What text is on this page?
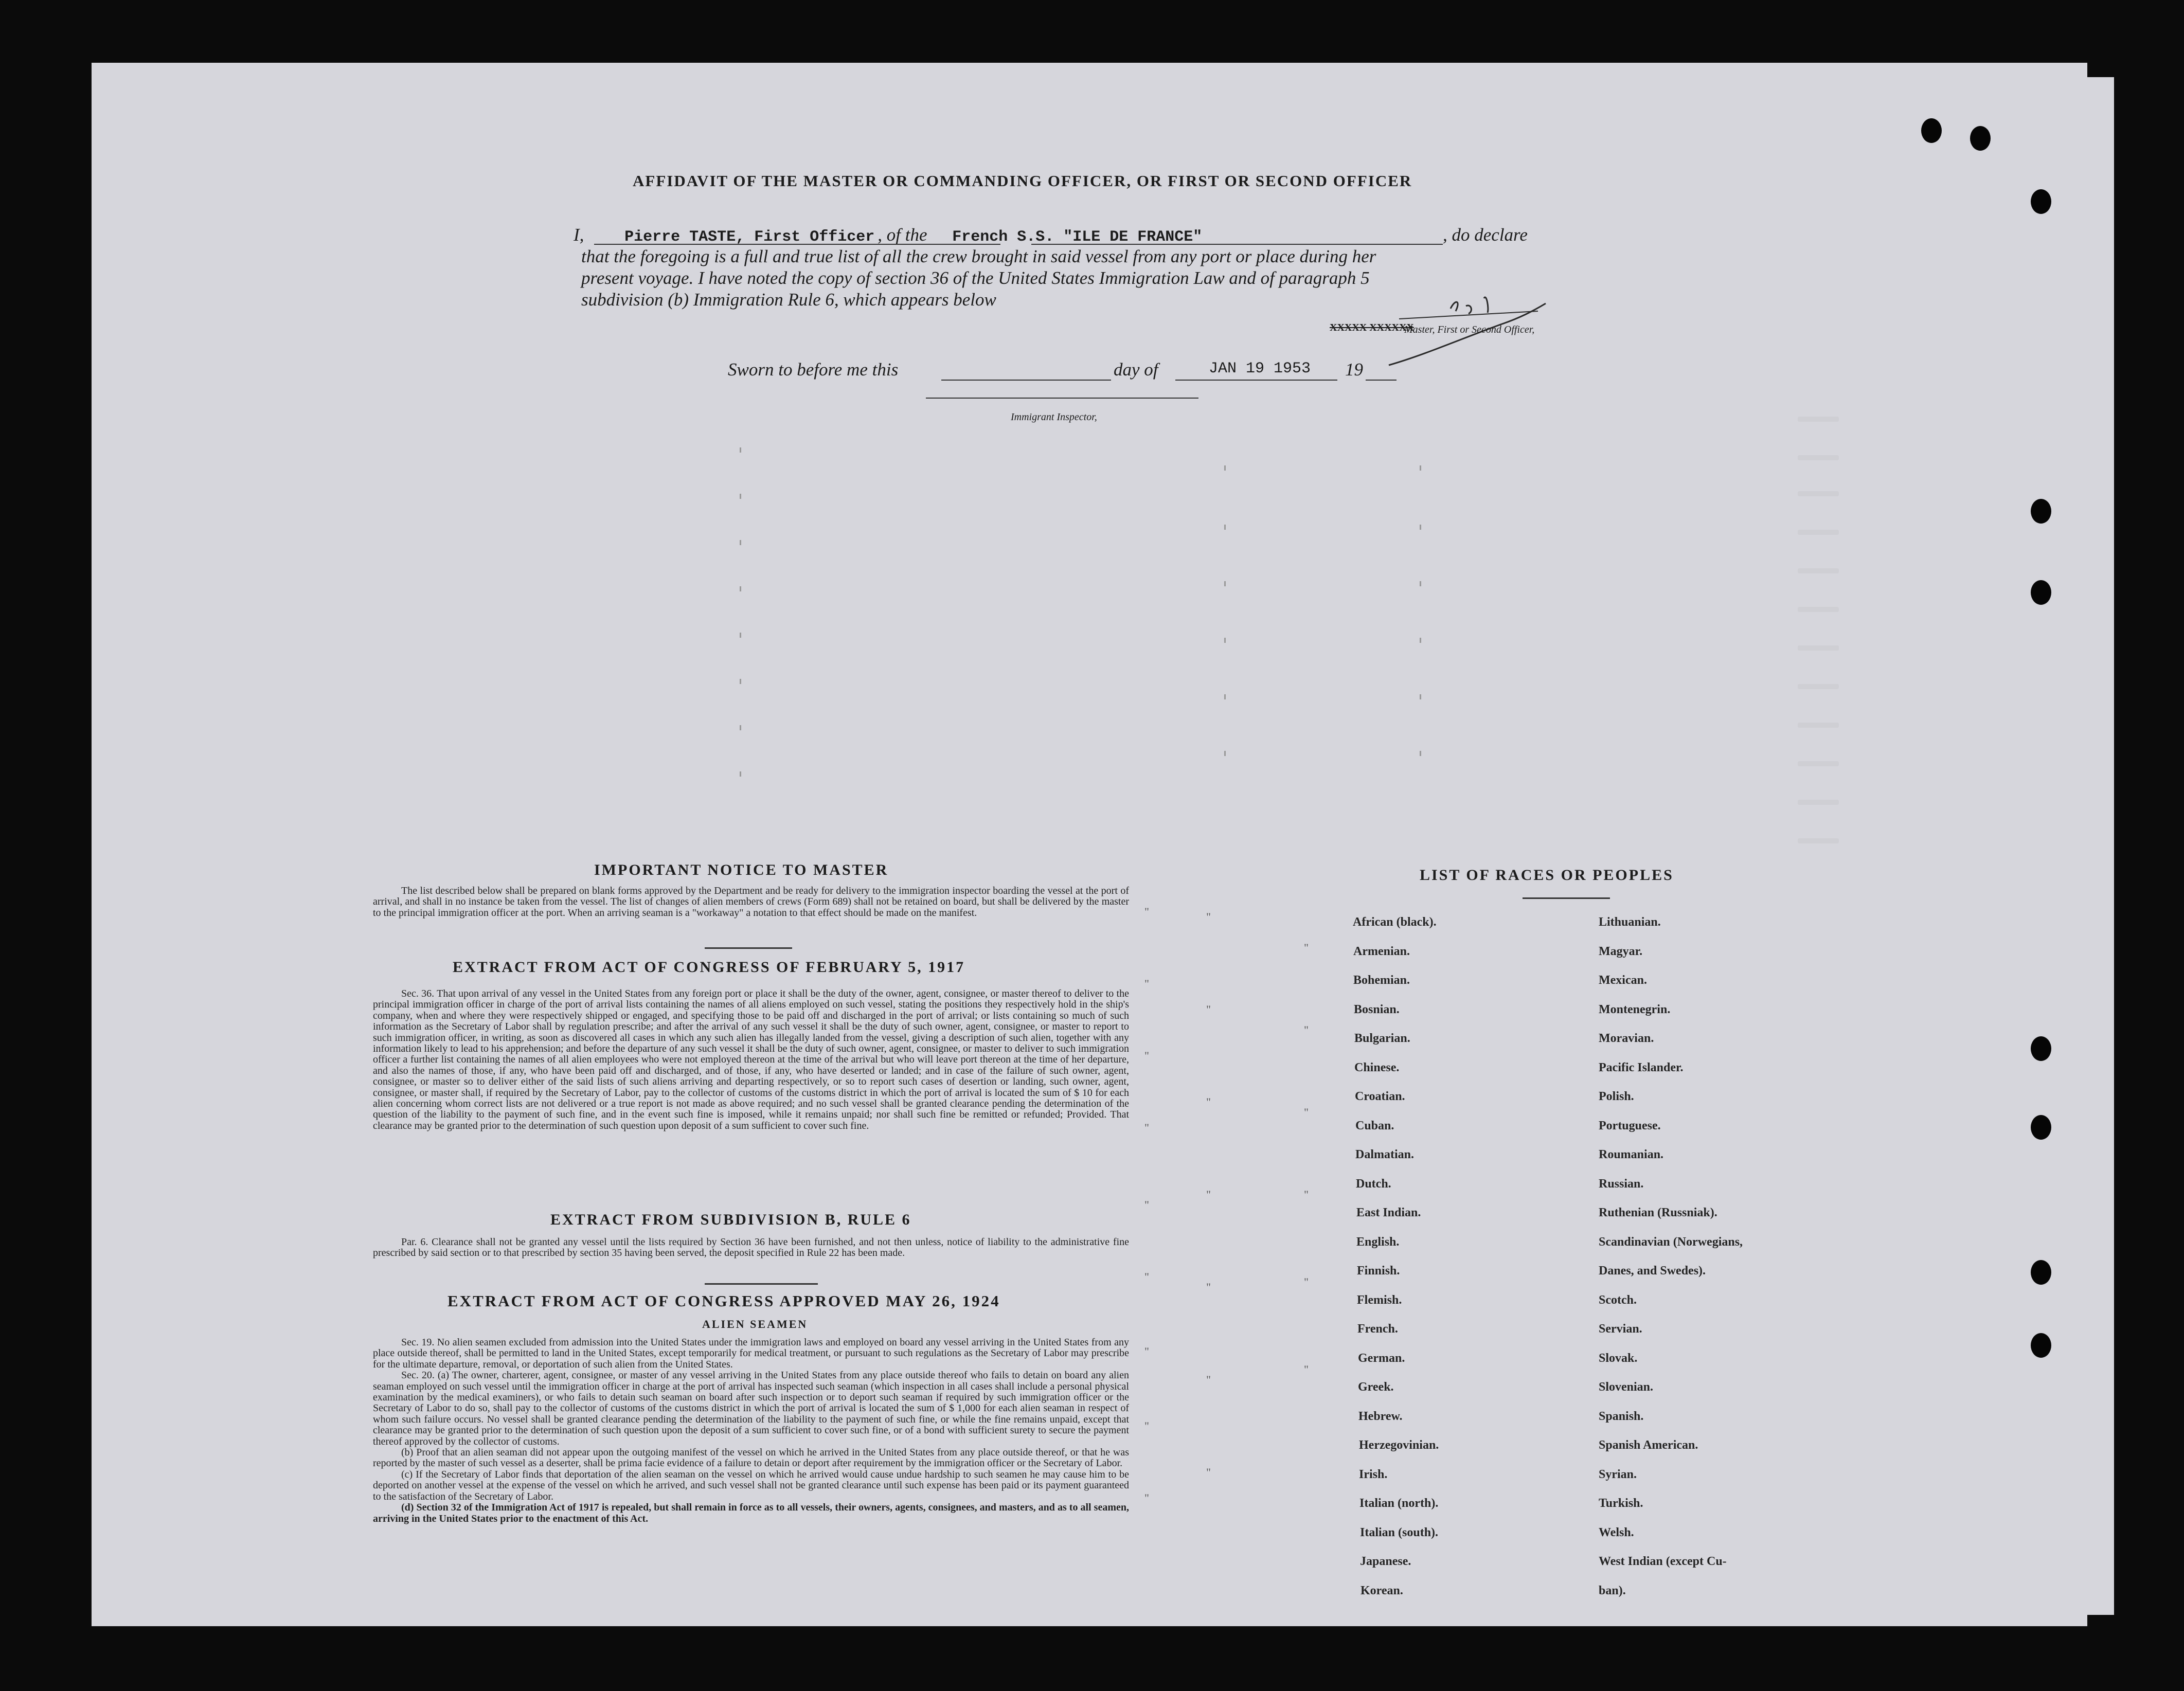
AFFIDAVIT OF THE MASTER OR COMMANDING OFFICER, OR FIRST OR SECOND OFFICER
I,	Pierre TASTE, First Officer , of the French S.S. "ILE DE FRANCE"	, do declare
that the foregoing is a full and true list of all the crew brought in said vessel from any port or place during her
present voyage. I have noted the copy of section 36 of the United States Immigration Law and of paragraph 5
subdivision (b) Immigration Rule 6, which appears below
XXXXX XXXXXX
Master, First or Second Officer,
Sworn to before me this	day of	JAN 19 1953 19
Immigrant Inspector,
IMPORTANT NOTICE TO MASTER

The list described below shall be prepared on blank forms approved by the Department and be ready for delivery to the immigration inspector boarding the vessel at the port of arrival, and shall in no instance be taken from the vessel. The list of changes of alien members of crews (Form 689) shall not be retained on board, but shall be delivered by the master to the principal immigration officer at the port. When an arriving seaman is a "workaway" a notation to that effect should be made on the manifest.

EXTRACT FROM ACT OF CONGRESS OF FEBRUARY 5, 1917

Sec. 36. That upon arrival of any vessel in the United States from any foreign port or place it shall be the duty of the owner, agent, consignee, or master thereof to deliver to the principal immigration officer in charge of the port of arrival lists containing the names of all aliens employed on such vessel, stating the positions they respectively hold in the ship's company, when and where they were respectively shipped or engaged, and specifying those to be paid off and discharged in the port of arrival; or lists containing so much of such information as the Secretary of Labor shall by regulation prescribe; and after the arrival of any such vessel it shall be the duty of such owner, agent, consignee, or master to report to such immigration officer, in writing, as soon as discovered all cases in which any such alien has illegally landed from the vessel, giving a description of such alien, together with any information likely to lead to his apprehension; and before the departure of any such vessel it shall be the duty of such owner, agent, consignee, or master to deliver to such immigration officer a further list containing the names of all alien employees who were not employed thereon at the time of the arrival but who will leave port thereon at the time of her departure, and also the names of those, if any, who have been paid off and discharged, and of those, if any, who have deserted or landed; and in case of the failure of such owner, agent, consignee, or master so to deliver either of the said lists of such aliens arriving and departing respectively, or so to report such cases of desertion or landing, such owner, agent, consignee, or master shall, if required by the Secretary of Labor, pay to the collector of customs of the customs district in which the port of arrival is located the sum of $ 10 for each alien concerning whom correct lists are not delivered or a true report is not made as above required; and no such vessel shall be granted clearance pending the determination of the question of the liability to the payment of such fine, and in the event such fine is imposed, while it remains unpaid; nor shall such fine be remitted or refunded; Provided. That clearance may be granted prior to the determination of such question upon deposit of a sum sufficient to cover such fine.

EXTRACT FROM SUBDIVISION B, RULE 6

Par. 6. Clearance shall not be granted any vessel until the lists required by Section 36 have been furnished, and not then unless, notice of liability to the administrative fine prescribed by said section or to that prescribed by section 35 having been served, the deposit specified in Rule 22 has been made.

EXTRACT FROM ACT OF CONGRESS APPROVED MAY 26, 1924
ALIEN SEAMEN

Sec. 19. No alien seamen excluded from admission into the United States under the immigration laws and employed on board any vessel arriving in the United States from any place outside thereof, shall be permitted to land in the United States, except temporarily for medical treatment, or pursuant to such regulations as the Secretary of Labor may prescribe for the ultimate departure, removal, or deportation of such alien from the United States.

Sec. 20. (a) The owner, charterer, agent, consignee, or master of any vessel arriving in the United States from any place outside thereof who fails to detain on board any alien seaman employed on such vessel until the immigration officer in charge at the port of arrival has inspected such seaman (which inspection in all cases shall include a personal physical examination by the medical examiners), or who fails to detain such seaman on board after such inspection or to deport such seaman if required by such immigration officer or the Secretary of Labor to do so, shall pay to the collector of customs of the customs district in which the port of arrival is located the sum of $ 1,000 for each alien seaman in respect of whom such failure occurs. No vessel shall be granted clearance pending the determination of the liability to the payment of such fine, or while the fine remains unpaid, except that clearance may be granted prior to the determination of such question upon the deposit of a sum sufficient to cover such fine, or of a bond with sufficient surety to secure the payment thereof approved by the collector of customs.

(b) Proof that an alien seaman did not appear upon the outgoing manifest of the vessel on which he arrived in the United States from any place outside thereof, or that he was reported by the master of such vessel as a deserter, shall be prima facie evidence of a failure to detain or deport after requirement by the immigration officer or the Secretary of Labor.

(c) If the Secretary of Labor finds that deportation of the alien seaman on the vessel on which he arrived would cause undue hardship to such seamen he may cause him to be deported on another vessel at the expense of the vessel on which he arrived, and such vessel shall not be granted clearance until such expense has been paid or its payment guaranteed to the satisfaction of the Secretary of Labor.

(d) Section 32 of the Immigration Act of 1917 is repealed, but shall remain in force as to all vessels, their owners, agents, consignees, and masters, and as to all seamen, arriving in the United States prior to the enactment of this Act.

"
"
"
"
"
"
"
"
"
"
"
"
"
"
"
"
"
"
"
"
"
"
LIST OF RACES OR PEOPLES
African (black).
Armenian.
Bohemian.
Bosnian.
Bulgarian.
Chinese.
Croatian.
Cuban.
Dalmatian.
Dutch.
East Indian.
English.
Finnish.
Flemish.
French.
German.
Greek.
Hebrew.
Herzegovinian.
Irish.
Italian (north).
Italian (south).
Japanese.
Korean.
Lithuanian.
Magyar.
Mexican.
Montenegrin.
Moravian.
Pacific Islander.
Polish.
Portuguese.
Roumanian.
Russian.
Ruthenian (Russniak).
Scandinavian (Norwegians,
Danes, and Swedes).
Scotch.
Servian.
Slovak.
Slovenian.
Spanish.
Spanish American.
Syrian.
Turkish.
Welsh.
West Indian (except Cu-
ban).
